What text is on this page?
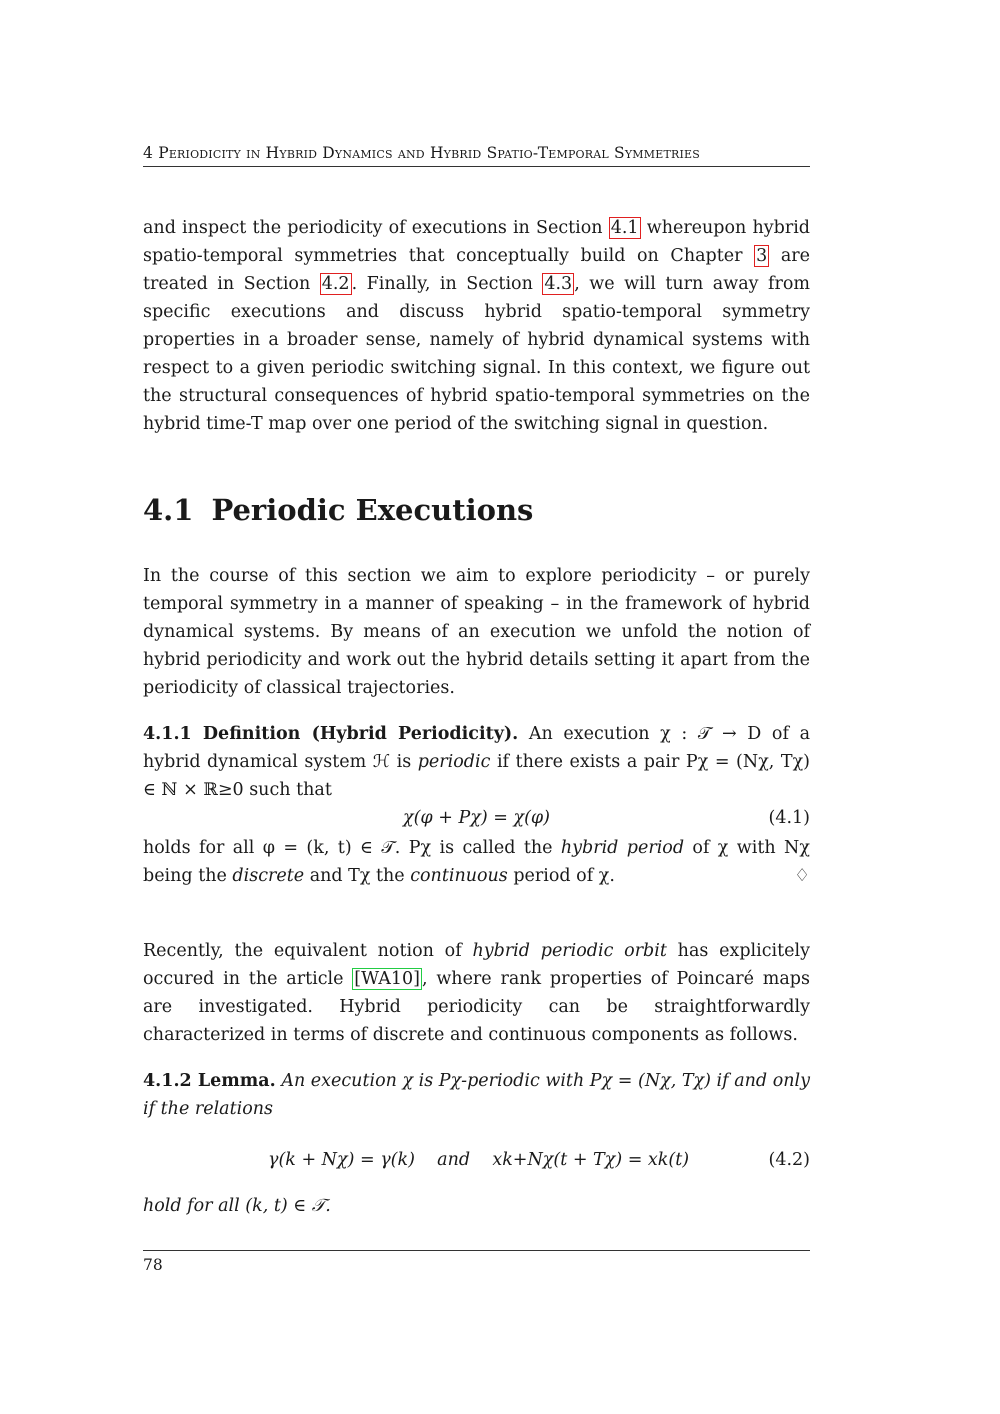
4 Periodicity in Hybrid Dynamics and Hybrid Spatio-Temporal Symmetries

and inspect the periodicity of executions in Section 4.1 whereupon hybrid spatio-temporal symmetries that conceptually build on Chapter 3 are treated in Section 4.2 . Finally, in Section 4.3 , we will turn away from specific executions and discuss hybrid spatio-temporal symmetry properties in a broader sense, namely of hybrid dynamical systems with respect to a given periodic switching signal. In this context, we figure out the structural consequences of hybrid spatio-temporal symmetries on the hybrid time-T map over one period of the switching signal in question.

4.1 Periodic Executions

In the course of this section we aim to explore periodicity – or purely temporal symmetry in a manner of speaking – in the framework of hybrid dynamical systems. By means of an execution we unfold the notion of hybrid periodicity and work out the hybrid details setting it apart from the periodicity of classical trajectories.

4.1.1 Definition (Hybrid Periodicity). An execution χ : 𝒯 → D of a hybrid dynamical system ℋ is periodic if there exists a pair Pχ = (Nχ, Tχ) ∈ ℕ × ℝ≥0 such that

χ(φ + Pχ) = χ(φ)	(4.1)

holds for all φ = (k, t) ∈ 𝒯. Pχ is called the hybrid period of χ with Nχ being the discrete and Tχ the continuous period of χ.	♢

Recently, the equivalent notion of hybrid periodic orbit has explicitely occured in the article [WA10] , where rank properties of Poincaré maps are investigated. Hybrid periodicity can be straightforwardly characterized in terms of discrete and continuous components as follows.

4.1.2 Lemma. An execution χ is Pχ-periodic with Pχ = (Nχ, Tχ) if and only if the relations

γ(k + Nχ) = γ(k)    and    xk+Nχ(t + Tχ) = xk(t)	(4.2)

hold for all (k, t) ∈ 𝒯.

78
